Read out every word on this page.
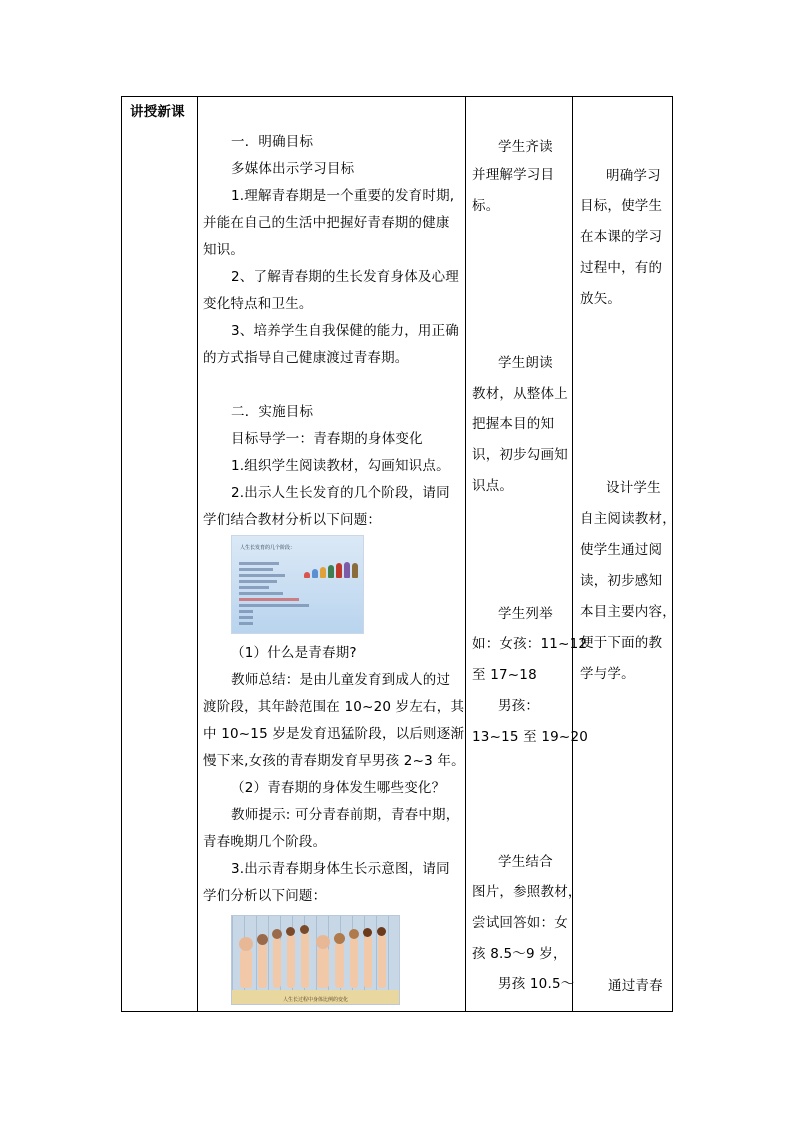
讲授新课
一．明确目标
多媒体出示学习目标
1.理解青春期是一个重要的发育时期,
并能在自己的生活中把握好青春期的健康
知识。
2、了解青春期的生长发育身体及心理
变化特点和卫生。
3、培养学生自我保健的能力，用正确
的方式指导自己健康渡过青春期。
二．实施目标
目标导学一：青春期的身体变化
1.组织学生阅读教材，勾画知识点。
2.出示人生长发育的几个阶段，请同
学们结合教材分析以下问题：
人生长发育的几个阶段：
（1）什么是青春期?
教师总结：是由儿童发育到成人的过
渡阶段，其年龄范围在 10~20 岁左右，其
中 10~15 岁是发育迅猛阶段，以后则逐渐
慢下来,女孩的青春期发育早男孩 2~3 年。
（2）青春期的身体发生哪些变化？
教师提示: 可分青春前期，青春中期，
青春晚期几个阶段。
3.出示青春期身体生长示意图，请同
学们分析以下问题：
人生长过程中身体比例的变化
学生齐读
并理解学习目
标。
学生朗读
教材，从整体上
把握本目的知
识，初步勾画知
识点。
学生列举
如：女孩：11~12
至 17~18
男孩：
13~15 至 19~20
学生结合
图片，参照教材，
尝试回答如：女
孩 8.5～9 岁，
男孩 10.5～
明确学习
目标，使学生
在本课的学习
过程中，有的
放矢。
设计学生
自主阅读教材，
使学生通过阅
读，初步感知
本目主要内容，
便于下面的教
学与学。
通过青春
